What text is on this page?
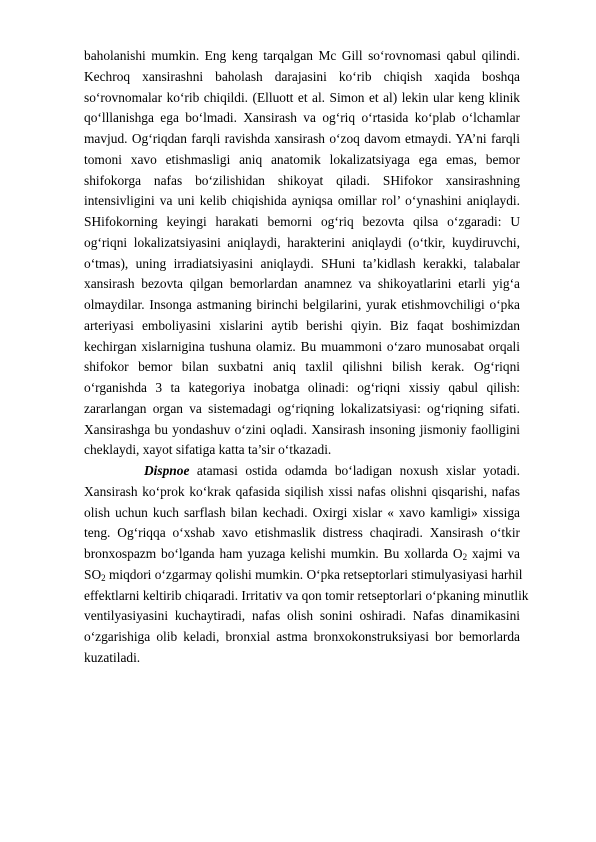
baholanishi mumkin. Eng keng tarqalgan Mc Gill so‘rovnomasi qabul qilindi.
Kechroq xansirashni baholash darajasini ko‘rib chiqish xaqida boshqa
so‘rovnomalar ko‘rib chiqildi. (Elluott et al. Simon et al) lekin ular keng klinik
qo‘lllanishga ega bo‘lmadi. Xansirash va og‘riq o‘rtasida ko‘plab o‘lchamlar
mavjud. Og‘riqdan farqli ravishda xansirash o‘zoq davom etmaydi. YA’ni farqli
tomoni xavo etishmasligi aniq anatomik lokalizatsiyaga ega emas, bemor
shifokorga nafas bo‘zilishidan shikoyat qiladi. SHifokor xansirashning
intensivligini va uni kelib chiqishida ayniqsa omillar rol’ o‘ynashini aniqlaydi.
SHifokorning keyingi harakati bemorni og‘riq bezovta qilsa o‘zgaradi: U
og‘riqni lokalizatsiyasini aniqlaydi, harakterini aniqlaydi (o‘tkir, kuydiruvchi,
o‘tmas), uning irradiatsiyasini aniqlaydi. SHuni ta’kidlash kerakki, talabalar
xansirash bezovta qilgan bemorlardan anamnez va shikoyatlarini etarli yig‘a
olmaydilar. Insonga astmaning birinchi belgilarini, yurak etishmovchiligi o‘pka
arteriyasi emboliyasini xislarini aytib berishi qiyin. Biz faqat boshimizdan
kechirgan xislarnigina tushuna olamiz. Bu muammoni o‘zaro munosabat orqali
shifokor bemor bilan suxbatni aniq taxlil qilishni bilish kerak. Og‘riqni
o‘rganishda 3 ta kategoriya inobatga olinadi: og‘riqni xissiy qabul qilish:
zararlangan organ va sistemadagi og‘riqning lokalizatsiyasi: og‘riqning sifati.
Xansirashga bu yondashuv o‘zini oqladi. Xansirash insoning jismoniy faolligini
cheklaydi, xayot sifatiga katta ta’sir o‘tkazadi.
Dispnoe atamasi ostida odamda bo‘ladigan noxush xislar yotadi.
Xansirash ko‘prok ko‘krak qafasida siqilish xissi nafas olishni qisqarishi, nafas
olish uchun kuch sarflash bilan kechadi. Oxirgi xislar « xavo kamligi» xissiga
teng. Og‘riqqa o‘xshab xavo etishmaslik distress chaqiradi. Xansirash o‘tkir
bronxospazm bo‘lganda ham yuzaga kelishi mumkin. Bu xollarda $O_2$ xajmi va
$SO_2$ miqdori o‘zgarmay qolishi mumkin. O‘pka retseptorlari stimulyasiyasi harhil
effektlarni keltirib chiqaradi. Irritativ va qon tomir retseptorlari o‘pkaning minutlik
ventilyasiyasini kuchaytiradi, nafas olish sonini oshiradi. Nafas dinamikasini
o‘zgarishiga olib keladi, bronxial astma bronxokonstruksiyasi bor bemorlarda
kuzatiladi.
